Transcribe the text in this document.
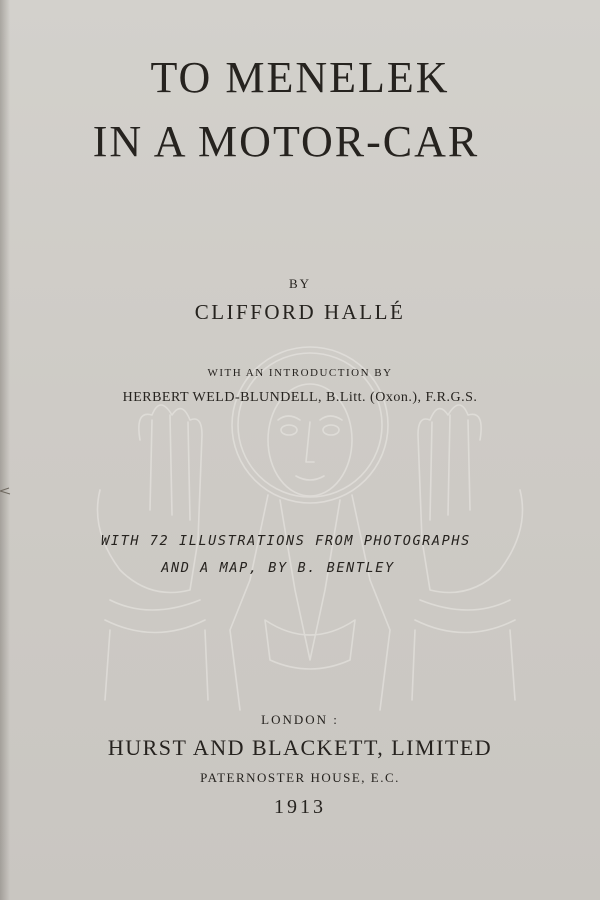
TO MENELEK
IN A MOTOR-CAR
BY
CLIFFORD HALLÉ
WITH AN INTRODUCTION BY
HERBERT WELD-BLUNDELL, B.Litt. (Oxon.), F.R.G.S.
WITH 72 ILLUSTRATIONS FROM PHOTOGRAPHS
AND A MAP, BY B. BENTLEY
LONDON :
HURST AND BLACKETT, LIMITED
PATERNOSTER HOUSE, E.C.
1913
